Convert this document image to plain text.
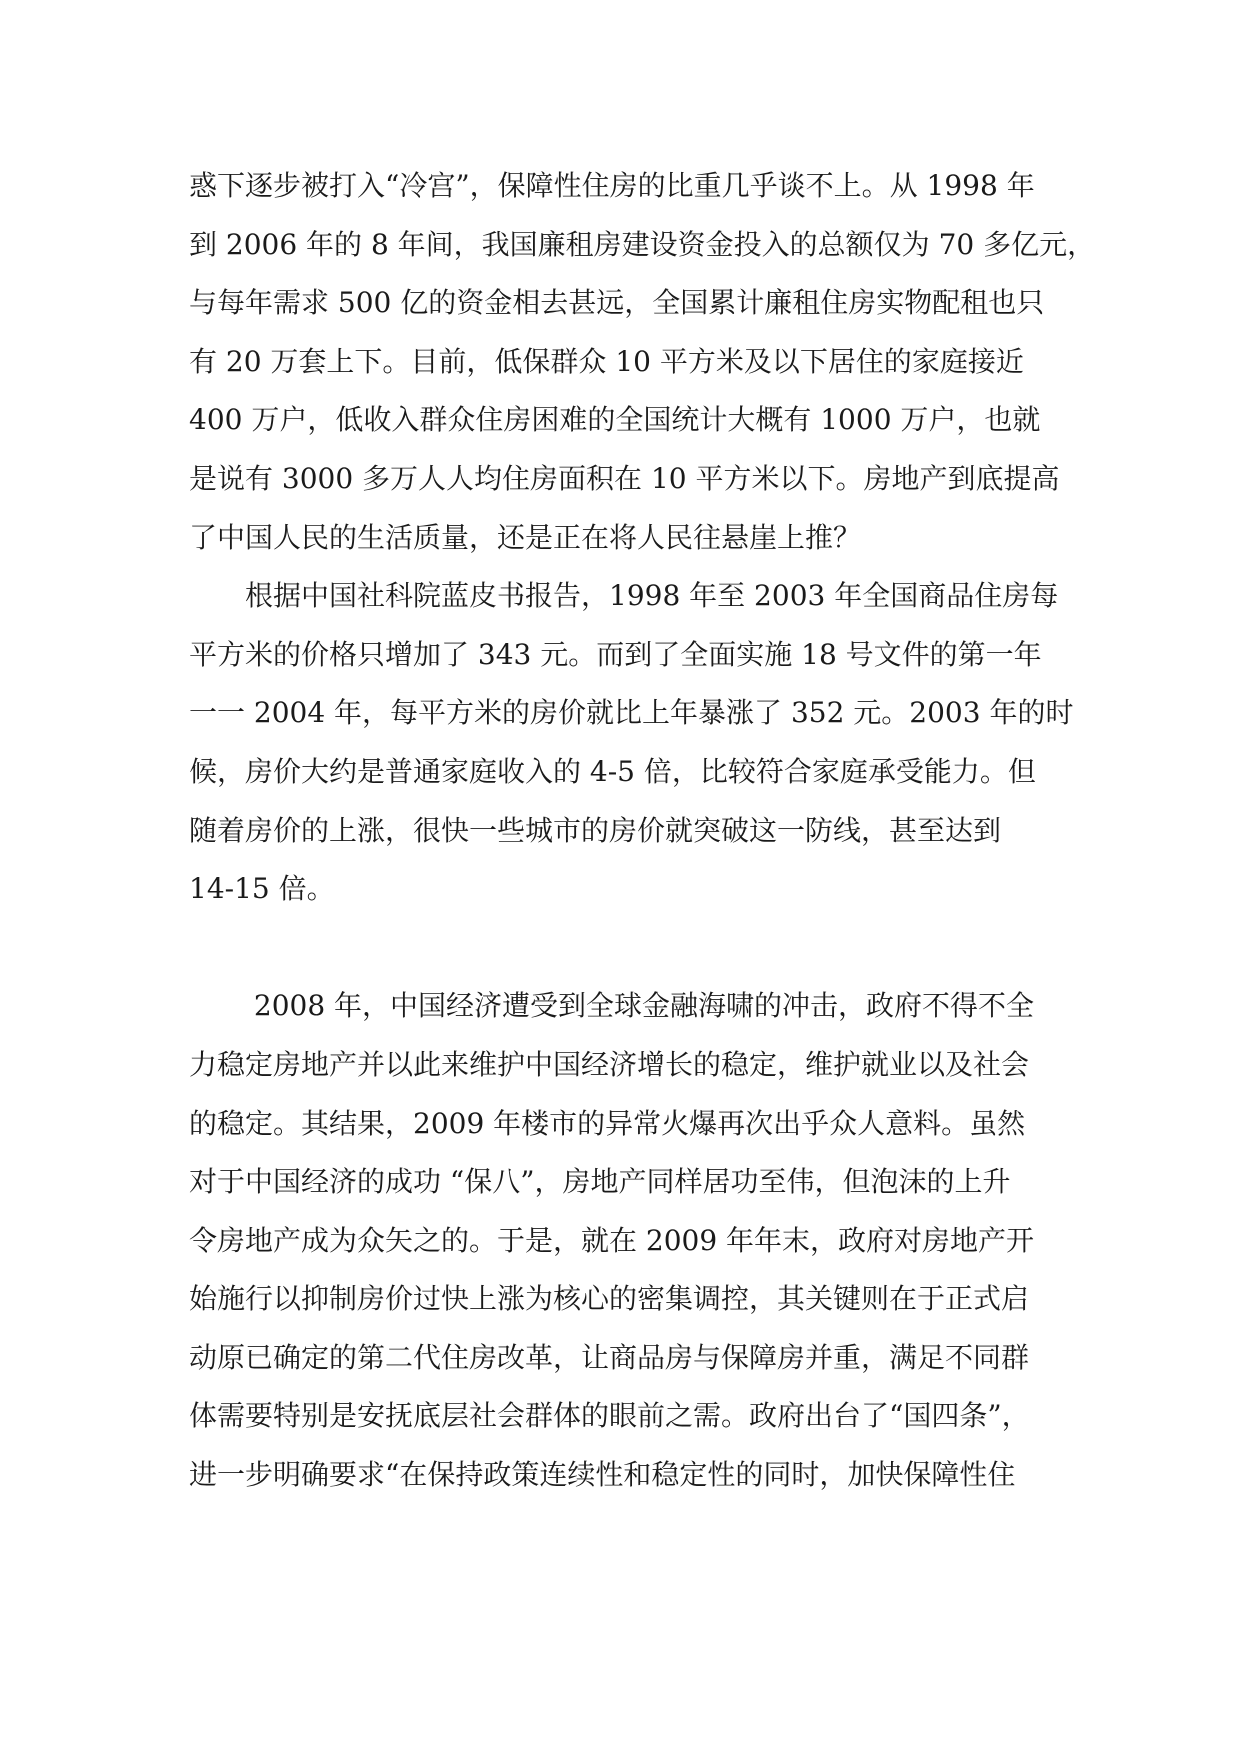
惑下逐步被打入“冷宫”，保障性住房的比重几乎谈不上。从 1998 年
到 2006 年的 8 年间，我国廉租房建设资金投入的总额仅为 70 多亿元，
与每年需求 500 亿的资金相去甚远，全国累计廉租住房实物配租也只
有 20 万套上下。目前，低保群众 10 平方米及以下居住的家庭接近
400 万户，低收入群众住房困难的全国统计大概有 1000 万户，也就
是说有 3000 多万人人均住房面积在 10 平方米以下。房地产到底提高
了中国人民的生活质量，还是正在将人民往悬崖上推？
　　根据中国社科院蓝皮书报告，1998 年至 2003 年全国商品住房每
平方米的价格只增加了 343 元。而到了全面实施 18 号文件的第一年
一一 2004 年，每平方米的房价就比上年暴涨了 352 元。2003 年的时
候，房价大约是普通家庭收入的 4-5 倍，比较符合家庭承受能力。但
随着房价的上涨，很快一些城市的房价就突破这一防线，甚至达到
14-15 倍。
　　 2008 年，中国经济遭受到全球金融海啸的冲击，政府不得不全
力稳定房地产并以此来维护中国经济增长的稳定，维护就业以及社会
的稳定。其结果，2009 年楼市的异常火爆再次出乎众人意料。虽然
对于中国经济的成功 “保八”，房地产同样居功至伟，但泡沫的上升
令房地产成为众矢之的。于是，就在 2009 年年末，政府对房地产开
始施行以抑制房价过快上涨为核心的密集调控，其关键则在于正式启
动原已确定的第二代住房改革，让商品房与保障房并重，满足不同群
体需要特别是安抚底层社会群体的眼前之需。政府出台了“国四条”，
进一步明确要求“在保持政策连续性和稳定性的同时，加快保障性住
